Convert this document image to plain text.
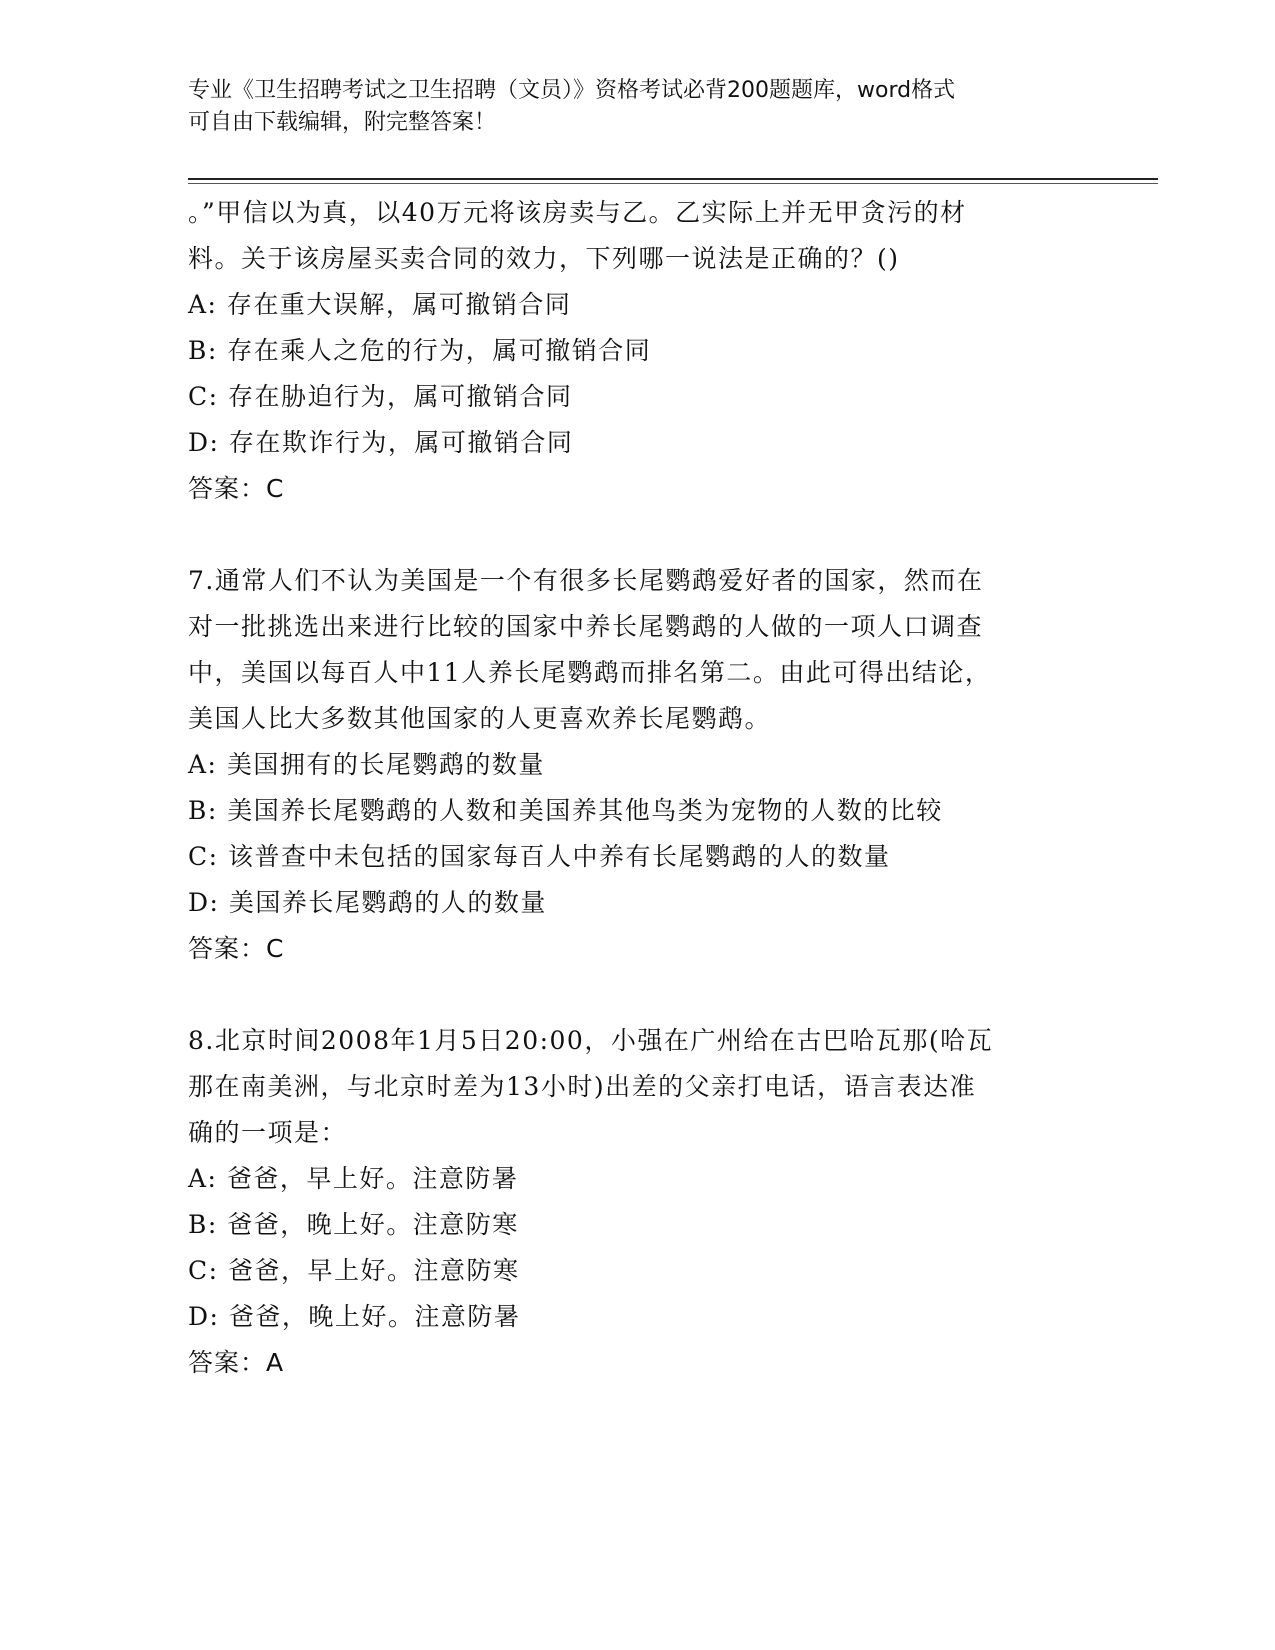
专业《卫生招聘考试之卫生招聘（文员）》资格考试必背200题题库，word格式
可自由下载编辑，附完整答案！
。”甲信以为真，以40万元将该房卖与乙。乙实际上并无甲贪污的材
料。关于该房屋买卖合同的效力，下列哪一说法是正确的？()
A: 存在重大误解，属可撤销合同
B: 存在乘人之危的行为，属可撤销合同
C: 存在胁迫行为，属可撤销合同
D: 存在欺诈行为，属可撤销合同
答案：C
7.通常人们不认为美国是一个有很多长尾鹦鹉爱好者的国家，然而在
对一批挑选出来进行比较的国家中养长尾鹦鹉的人做的一项人口调查
中，美国以每百人中11人养长尾鹦鹉而排名第二。由此可得出结论，
美国人比大多数其他国家的人更喜欢养长尾鹦鹉。
A: 美国拥有的长尾鹦鹉的数量
B: 美国养长尾鹦鹉的人数和美国养其他鸟类为宠物的人数的比较
C: 该普查中未包括的国家每百人中养有长尾鹦鹉的人的数量
D: 美国养长尾鹦鹉的人的数量
答案：C
8.北京时间2008年1月5日20:00，小强在广州给在古巴哈瓦那(哈瓦
那在南美洲，与北京时差为13小时)出差的父亲打电话，语言表达准
确的一项是：
A: 爸爸，早上好。注意防暑
B: 爸爸，晚上好。注意防寒
C: 爸爸，早上好。注意防寒
D: 爸爸，晚上好。注意防暑
答案：A
